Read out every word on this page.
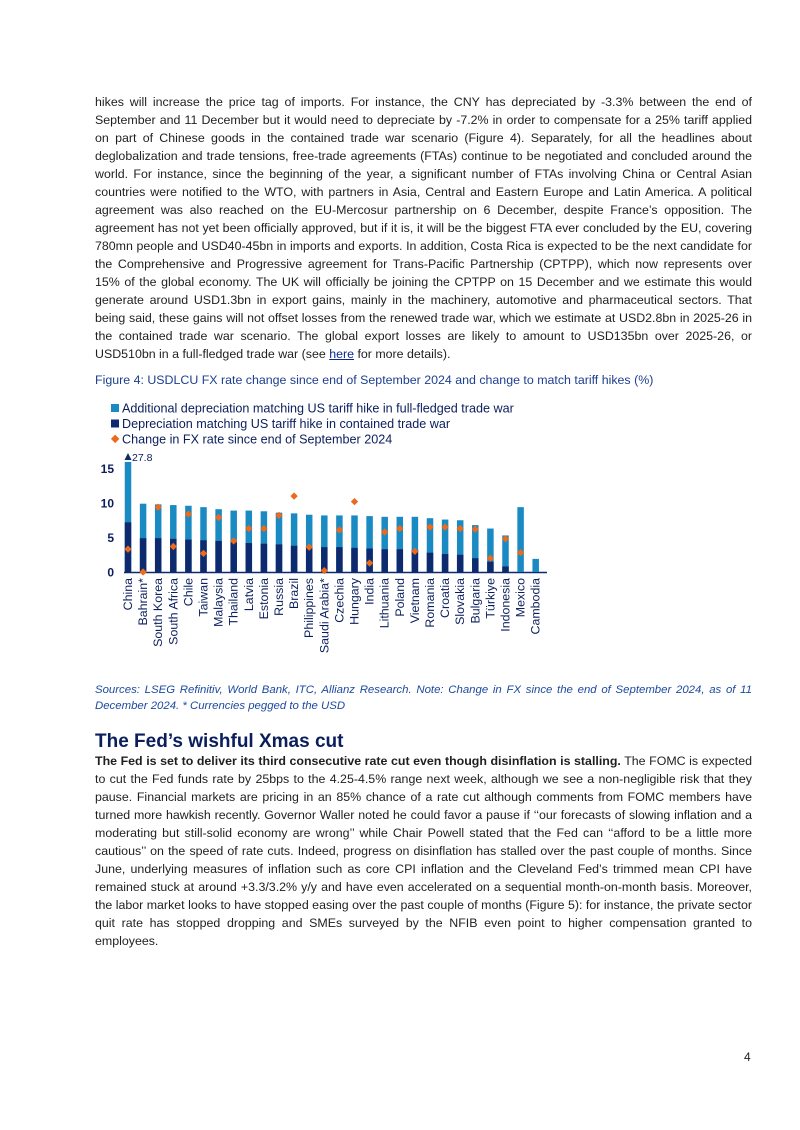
hikes will increase the price tag of imports. For instance, the CNY has depreciated by -3.3% between the end of September and 11 December but it would need to depreciate by -7.2% in order to compensate for a 25% tariff applied on part of Chinese goods in the contained trade war scenario (Figure 4). Separately, for all the headlines about deglobalization and trade tensions, free-trade agreements (FTAs) continue to be negotiated and concluded around the world. For instance, since the beginning of the year, a significant number of FTAs involving China or Central Asian countries were notified to the WTO, with partners in Asia, Central and Eastern Europe and Latin America. A political agreement was also reached on the EU-Mercosur partnership on 6 December, despite France’s opposition. The agreement has not yet been officially approved, but if it is, it will be the biggest FTA ever concluded by the EU, covering 780mn people and USD40-45bn in imports and exports. In addition, Costa Rica is expected to be the next candidate for the Comprehensive and Progressive agreement for Trans-Pacific Partnership (CPTPP), which now represents over 15% of the global economy. The UK will officially be joining the CPTPP on 15 December and we estimate this would generate around USD1.3bn in export gains, mainly in the machinery, automotive and pharmaceutical sectors. That being said, these gains will not offset losses from the renewed trade war, which we estimate at USD2.8bn in 2025-26 in the contained trade war scenario. The global export losses are likely to amount to USD135bn over 2025-26, or USD510bn in a full-fledged trade war (see here for more details).

Figure 4: USDLCU FX rate change since end of September 2024 and change to match tariff hikes (%)
Additional depreciation matching US tariff hike in full-fledged trade war
Depreciation matching US tariff hike in contained trade war
Change in FX rate since end of September 2024
0
5
10
15
27.8
China Bahrain* South Korea South Africa Chile Taiwan Malaysia Thailand Latvia Estonia Russia Brazil Philippines Saudi Arabia* Czechia Hungary India Lithuania Poland Vietnam Romania Croatia Slovakia Bulgaria Türkiye Indonesia Mexico Cambodia

Sources: LSEG Refinitiv, World Bank, ITC, Allianz Research. Note: Change in FX since the end of September 2024, as of 11 December 2024. * Currencies pegged to the USD

The Fed’s wishful Xmas cut

The Fed is set to deliver its third consecutive rate cut even though disinflation is stalling. The FOMC is expected to cut the Fed funds rate by 25bps to the 4.25-4.5% range next week, although we see a non-negligible risk that they pause. Financial markets are pricing in an 85% chance of a rate cut although comments from FOMC members have turned more hawkish recently. Governor Waller noted he could favor a pause if ‘‘our forecasts of slowing inflation and a moderating but still-solid economy are wrong’’ while Chair Powell stated that the Fed can ‘‘afford to be a little more cautious’’ on the speed of rate cuts. Indeed, progress on disinflation has stalled over the past couple of months. Since June, underlying measures of inflation such as core CPI inflation and the Cleveland Fed’s trimmed mean CPI have remained stuck at around +3.3/3.2% y/y and have even accelerated on a sequential month-on-month basis. Moreover, the labor market looks to have stopped easing over the past couple of months (Figure 5): for instance, the private sector quit rate has stopped dropping and SMEs surveyed by the NFIB even point to higher compensation granted to employees.

4
